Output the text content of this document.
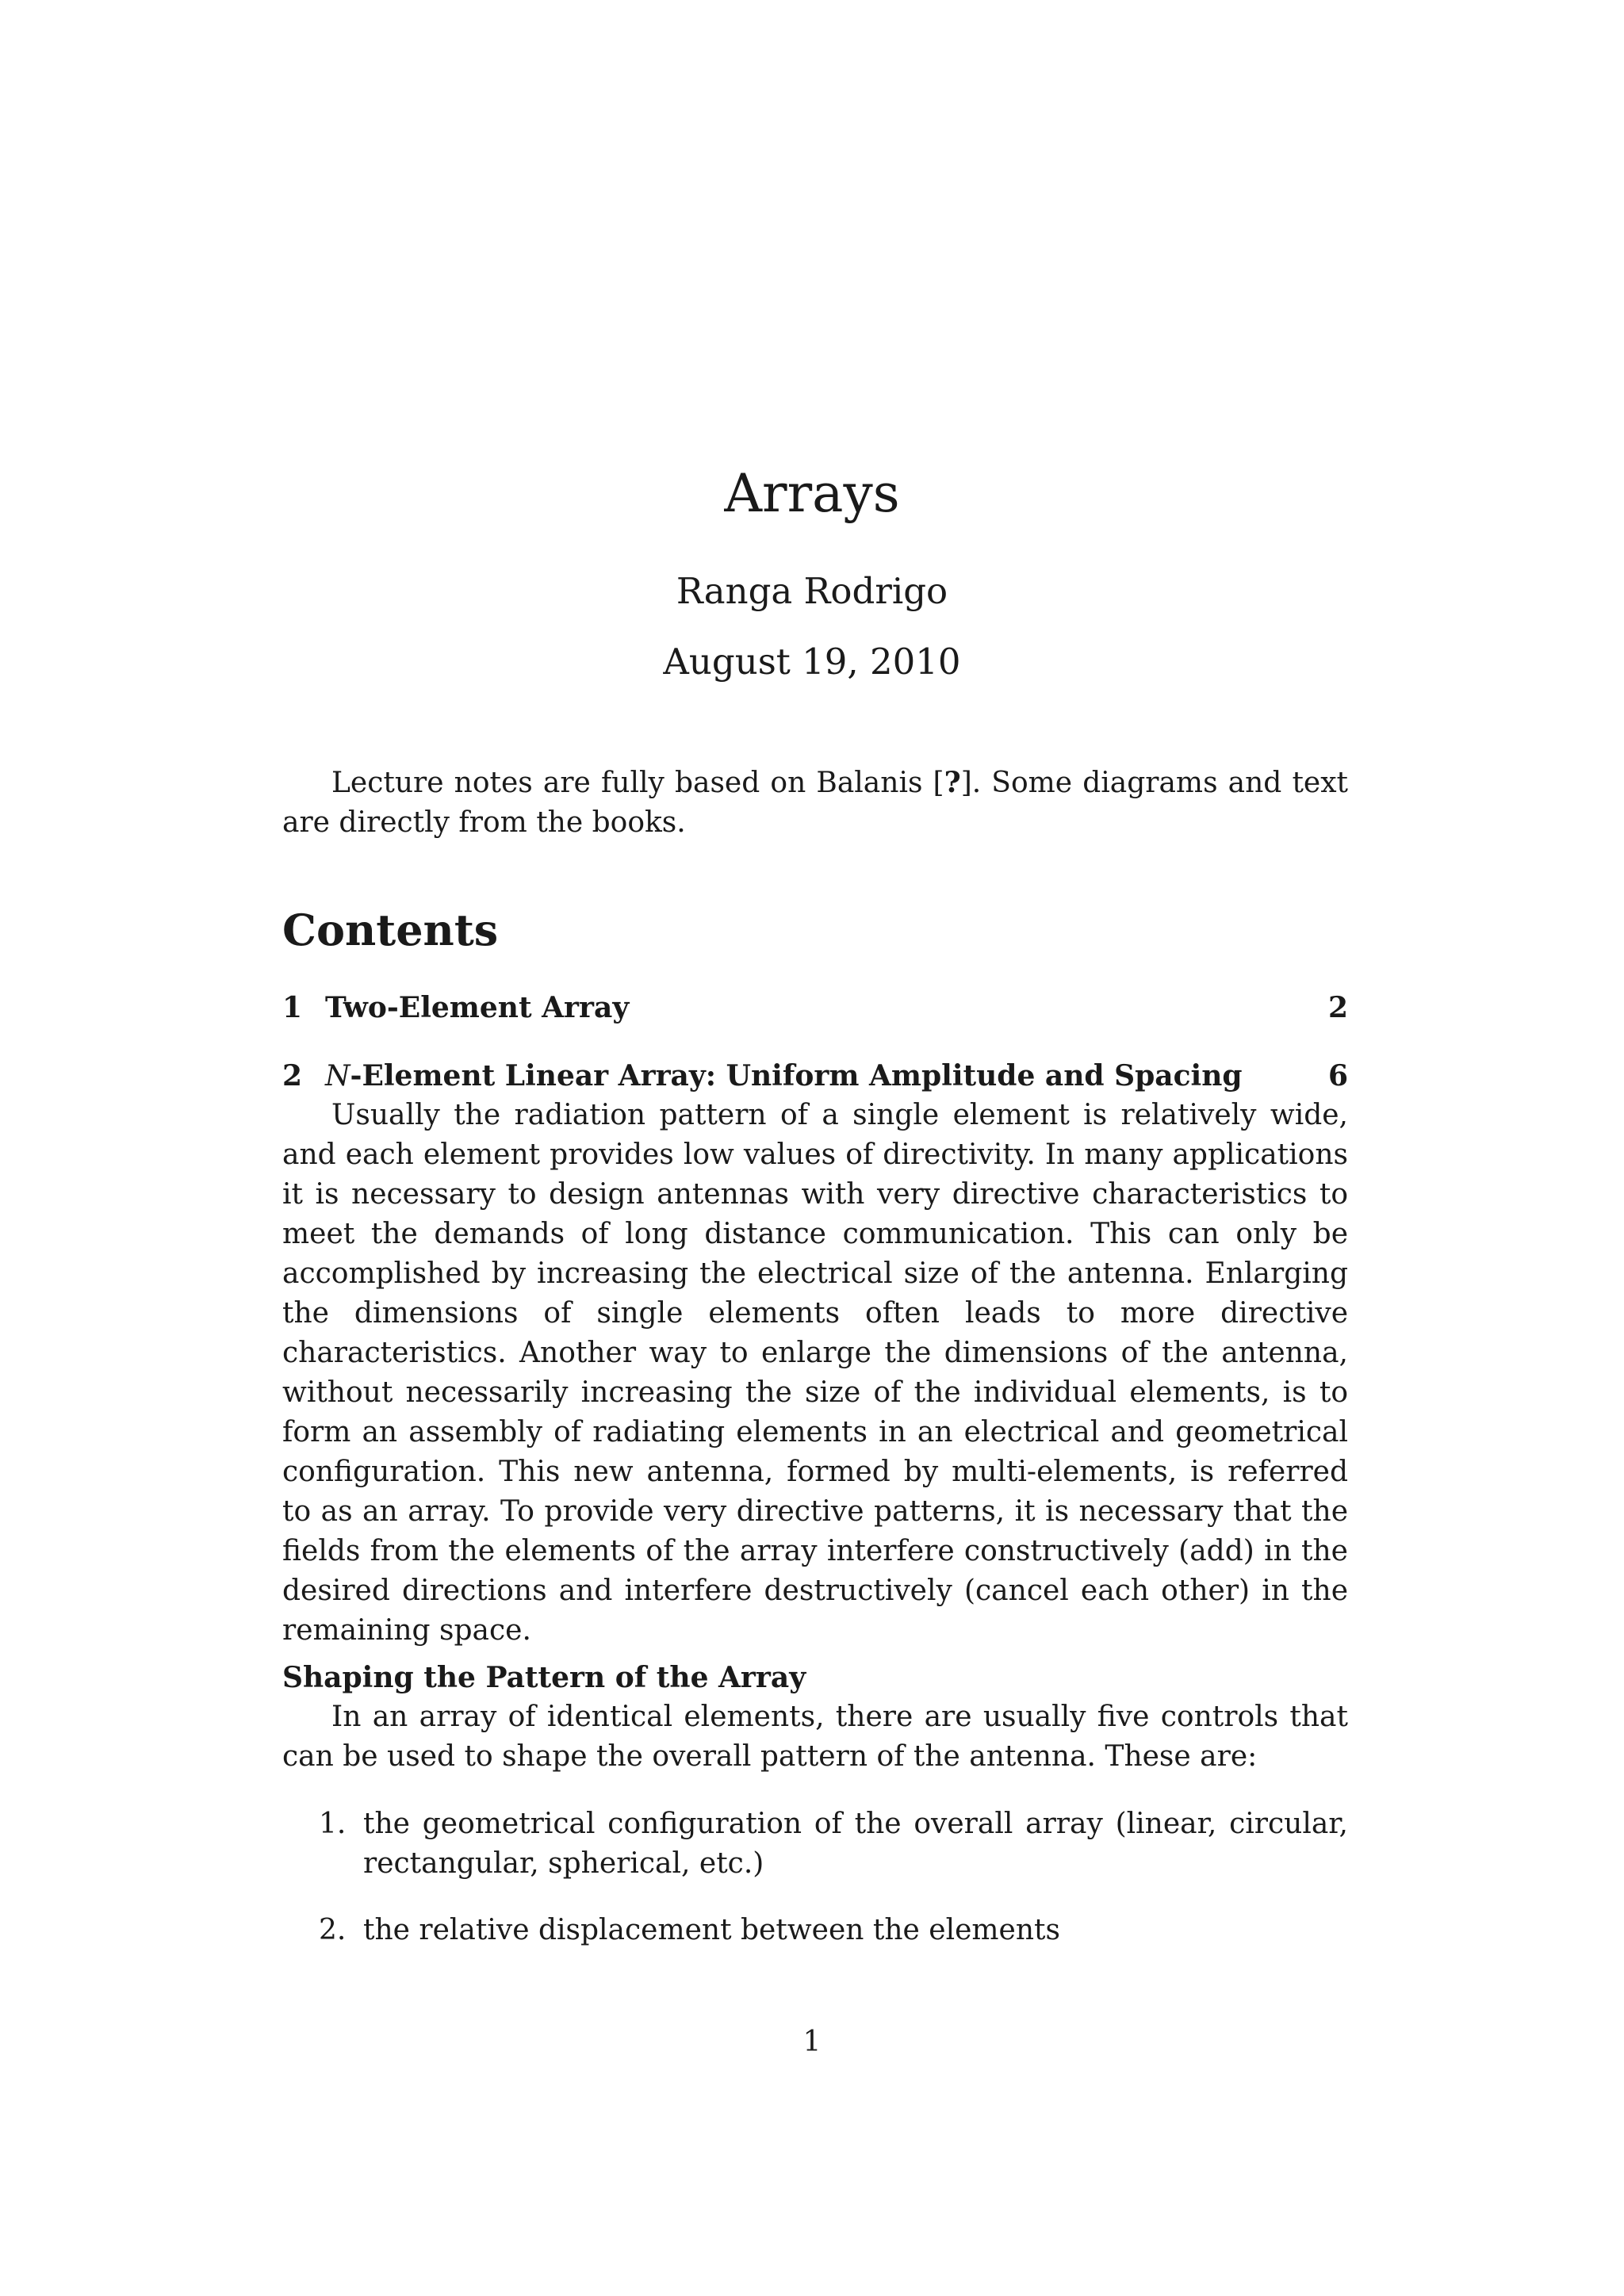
Arrays
Ranga Rodrigo
August 19, 2010

Lecture notes are fully based on Balanis [?]. Some diagrams and text are directly from the books.

Contents
1 Two-Element Array	2
2 N-Element Linear Array: Uniform Amplitude and Spacing	6

Usually the radiation pattern of a single element is relatively wide, and each element provides low values of directivity. In many applications it is necessary to design antennas with very directive characteristics to meet the demands of long distance communication. This can only be accomplished by increasing the electrical size of the antenna. Enlarging the dimensions of single elements often leads to more directive characteristics. Another way to enlarge the dimensions of the antenna, without necessarily increasing the size of the individual elements, is to form an assembly of radiating elements in an electrical and geometrical configuration. This new antenna, formed by multi-elements, is referred to as an array. To provide very directive patterns, it is necessary that the fields from the elements of the array interfere constructively (add) in the desired directions and interfere destructively (cancel each other) in the remaining space.

Shaping the Pattern of the Array

In an array of identical elements, there are usually five controls that can be used to shape the overall pattern of the antenna. These are:

1. the geometrical configuration of the overall array (linear, circular, rectangular, spherical, etc.)
2. the relative displacement between the elements
1
